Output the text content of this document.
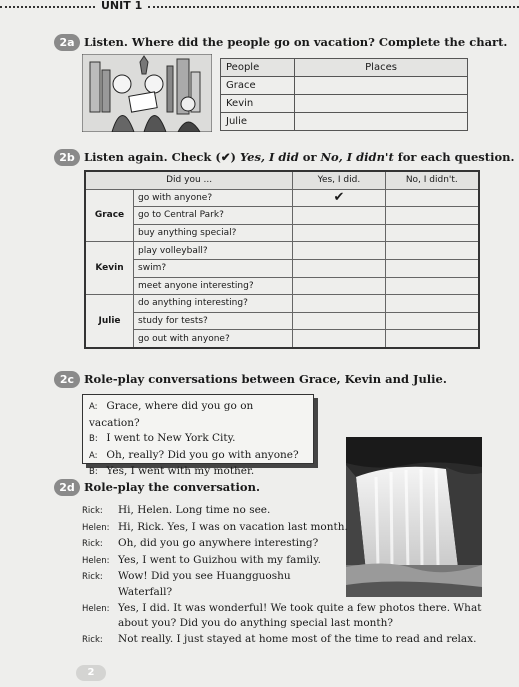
UNIT 1
2a Listen. Where did the people go on vacation? Complete the chart.
People	Places
Grace	
Kevin	
Julie	
2b Listen again. Check (✔) Yes, I did or No, I didn't for each question.
Did you ...		Yes, I did.	No, I didn't.
Grace	go with anyone?	✔	
	go to Central Park?		
	buy anything special?		
Kevin	play volleyball?		
	swim?		
	meet anyone interesting?		
Julie	do anything interesting?		
	study for tests?		
	go out with anyone?		
2c Role-play conversations between Grace, Kevin and Julie.
A: Grace, where did you go on vacation?
B: I went to New York City.
A: Oh, really? Did you go with anyone?
B: Yes, I went with my mother.
2d Role-play the conversation.
Rick:	Hi, Helen. Long time no see.
Helen: Hi, Rick. Yes, I was on vacation last month.
Rick:	Oh, did you go anywhere interesting?
Helen: Yes, I went to Guizhou with my family.
Rick:	Wow! Did you see Huangguoshu Waterfall?
Helen: Yes, I did. It was wonderful! We took quite a few photos there. What about you? Did you do anything special last month?
Rick:	Not really. I just stayed at home most of the time to read and relax.
2
